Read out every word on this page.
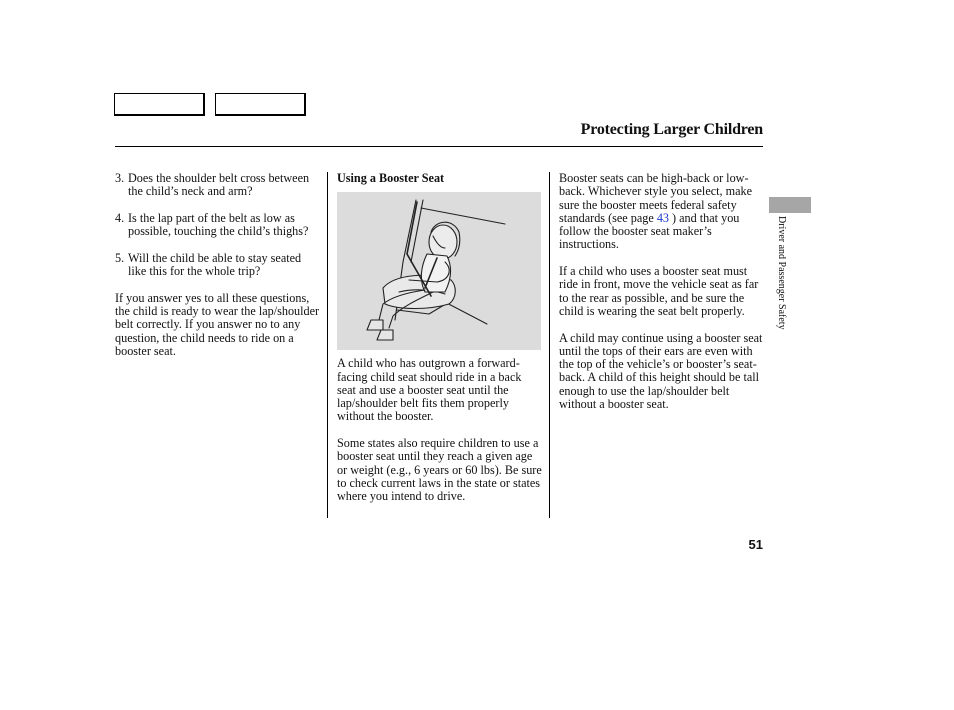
Protecting Larger Children
3. Does the shoulder belt cross between the child’s neck and arm?
4. Is the lap part of the belt as low as possible, touching the child’s thighs?
5. Will the child be able to stay seated like this for the whole trip?

If you answer yes to all these questions, the child is ready to wear the lap/shoulder belt correctly. If you answer no to any question, the child needs to ride on a booster seat.

Using a Booster Seat

A child who has outgrown a forward-facing child seat should ride in a back seat and use a booster seat until the lap/shoulder belt fits them properly without the booster.

Some states also require children to use a booster seat until they reach a given age or weight (e.g., 6 years or 60 lbs). Be sure to check current laws in the state or states where you intend to drive.

Booster seats can be high-back or low-back. Whichever style you select, make sure the booster meets federal safety standards (see page 43 ) and that you follow the booster seat maker’s instructions.

If a child who uses a booster seat must ride in front, move the vehicle seat as far to the rear as possible, and be sure the child is wearing the seat belt properly.

A child may continue using a booster seat until the tops of their ears are even with the top of the vehicle’s or booster’s seat-back. A child of this height should be tall enough to use the lap/shoulder belt without a booster seat.

Driver and Passenger Safety
51
